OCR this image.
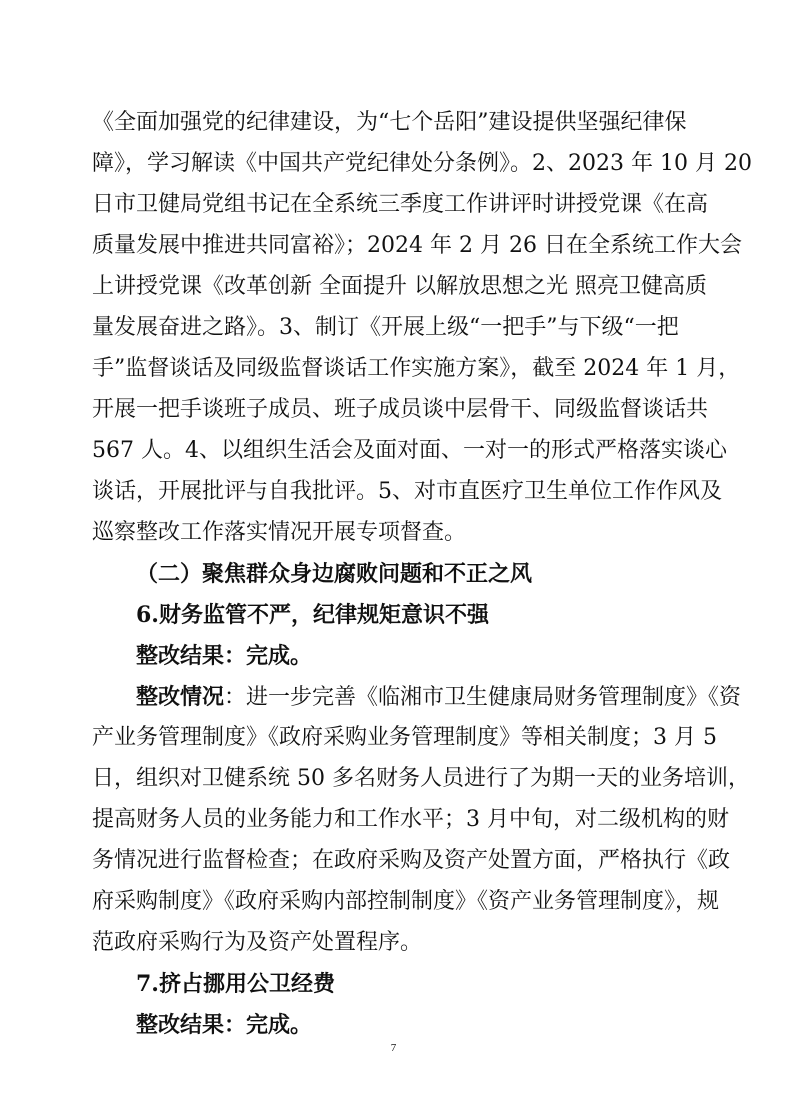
《全面加强党的纪律建设，为“七个岳阳”建设提供坚强纪律保
障》，学习解读《中国共产党纪律处分条例》。2、2023 年 10 月 20
日市卫健局党组书记在全系统三季度工作讲评时讲授党课《在高
质量发展中推进共同富裕》；2024 年 2 月 26 日在全系统工作大会
上讲授党课《改革创新 全面提升 以解放思想之光 照亮卫健高质
量发展奋进之路》。3、制订《开展上级“一把手”与下级“一把
手”监督谈话及同级监督谈话工作实施方案》，截至 2024 年 1 月，
开展一把手谈班子成员、班子成员谈中层骨干、同级监督谈话共
567 人。4、以组织生活会及面对面、一对一的形式严格落实谈心
谈话，开展批评与自我批评。5、对市直医疗卫生单位工作作风及
巡察整改工作落实情况开展专项督查。
（二）聚焦群众身边腐败问题和不正之风
6.财务监管不严，纪律规矩意识不强
整改结果：完成。
整改情况：进一步完善《临湘市卫生健康局财务管理制度》《资
产业务管理制度》《政府采购业务管理制度》等相关制度；3 月 5
日，组织对卫健系统 50 多名财务人员进行了为期一天的业务培训，
提高财务人员的业务能力和工作水平；3 月中旬，对二级机构的财
务情况进行监督检查；在政府采购及资产处置方面，严格执行《政
府采购制度》《政府采购内部控制制度》《资产业务管理制度》，规
范政府采购行为及资产处置程序。
7.挤占挪用公卫经费
整改结果：完成。
7
